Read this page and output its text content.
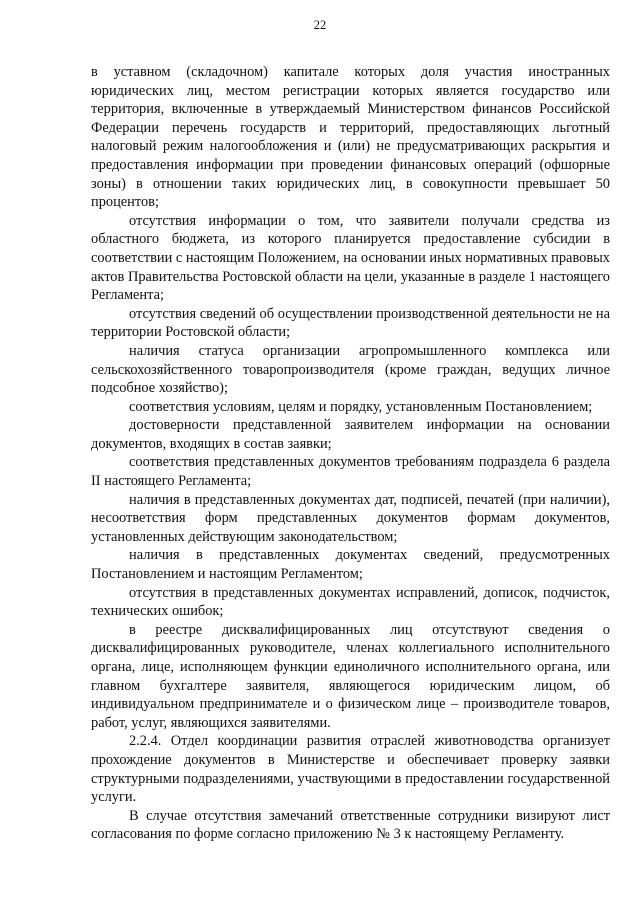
22

в уставном (складочном) капитале которых доля участия иностранных юридических лиц, местом регистрации которых является государство или территория, включенные в утверждаемый Министерством финансов Российской Федерации перечень государств и территорий, предоставляющих льготный налоговый режим налогообложения и (или) не предусматривающих раскрытия и предоставления информации при проведении финансовых операций (офшорные зоны) в отношении таких юридических лиц, в совокупности превышает 50 процентов;

отсутствия информации о том, что заявители получали средства из областного бюджета, из которого планируется предоставление субсидии в соответствии с настоящим Положением, на основании иных нормативных правовых актов Правительства Ростовской области на цели, указанные в разделе 1 настоящего Регламента;

отсутствия сведений об осуществлении производственной деятельности не на территории Ростовской области;

наличия статуса организации агропромышленного комплекса или сельскохозяйственного товаропроизводителя (кроме граждан, ведущих личное подсобное хозяйство);

соответствия условиям, целям и порядку, установленным Постановлением;

достоверности представленной заявителем информации на основании документов, входящих в состав заявки;

соответствия представленных документов требованиям подраздела 6 раздела II настоящего Регламента;

наличия в представленных документах дат, подписей, печатей (при наличии), несоответствия форм представленных документов формам документов, установленных действующим законодательством;

наличия в представленных документах сведений, предусмотренных Постановлением и настоящим Регламентом;

отсутствия в представленных документах исправлений, дописок, подчисток, технических ошибок;

в реестре дисквалифицированных лиц отсутствуют сведения о дисквалифицированных руководителе, членах коллегиального исполнительного органа, лице, исполняющем функции единоличного исполнительного органа, или главном бухгалтере заявителя, являющегося юридическим лицом, об индивидуальном предпринимателе и о физическом лице – производителе товаров, работ, услуг, являющихся заявителями.

2.2.4. Отдел координации развития отраслей животноводства организует прохождение документов в Министерстве и обеспечивает проверку заявки структурными подразделениями, участвующими в предоставлении государственной услуги.

В случае отсутствия замечаний ответственные сотрудники визируют лист согласования по форме согласно приложению № 3 к настоящему Регламенту.
